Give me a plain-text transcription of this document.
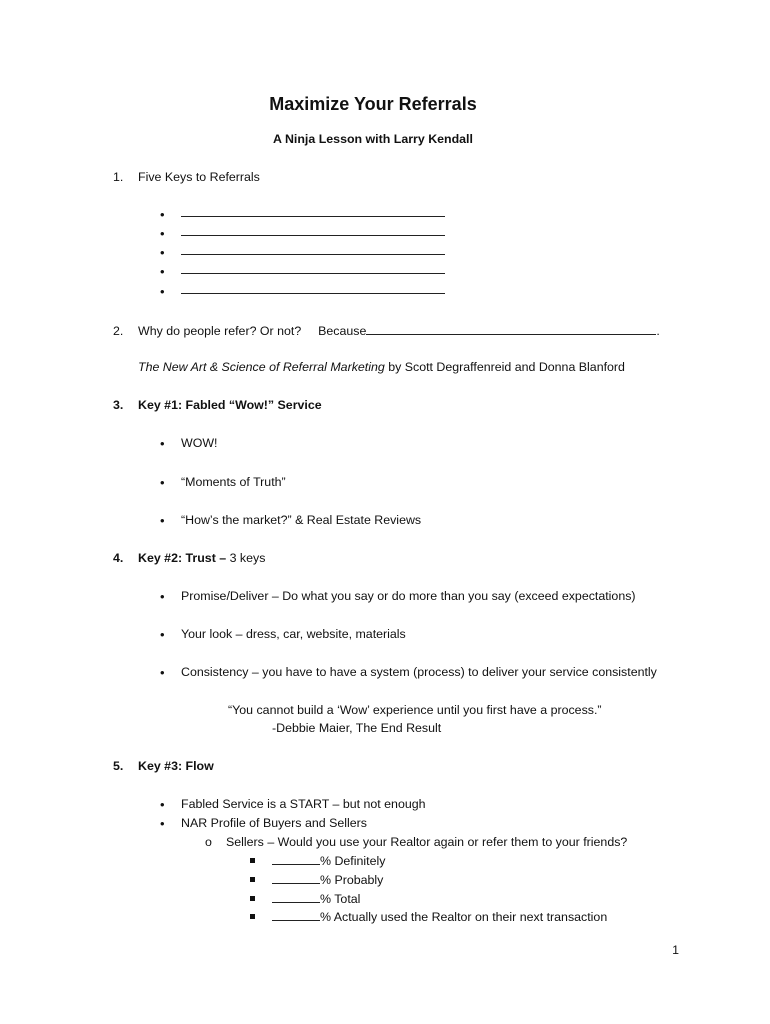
Maximize Your Referrals
A Ninja Lesson with Larry Kendall
1. Five Keys to Referrals
•
•
•
•
•
2. Why do people refer? Or not? Because	.
The New Art & Science of Referral Marketing by Scott Degraffenreid and Donna Blanford
3. Key #1: Fabled “Wow!” Service
• WOW!
• “Moments of Truth”
• “How’s the market?” & Real Estate Reviews
4. Key #2: Trust – 3 keys
• Promise/Deliver – Do what you say or do more than you say (exceed expectations)
• Your look – dress, car, website, materials
• Consistency – you have to have a system (process) to deliver your service consistently
“You cannot build a ‘Wow’ experience until you first have a process.”
-Debbie Maier, The End Result
5. Key #3: Flow
• Fabled Service is a START – but not enough
• NAR Profile of Buyers and Sellers
o Sellers – Would you use your Realtor again or refer them to your friends?
% Definitely
% Probably
% Total
% Actually used the Realtor on their next transaction
1
